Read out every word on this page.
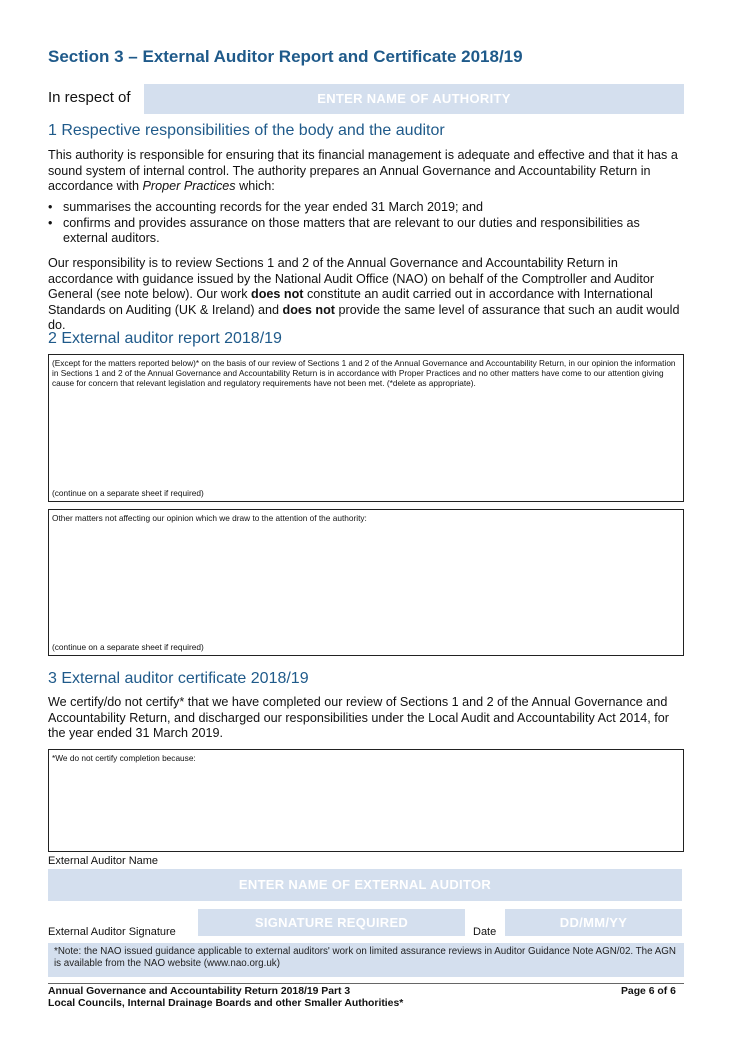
Section 3 – External Auditor Report and Certificate 2018/19
In respect of	ENTER NAME OF AUTHORITY
1 Respective responsibilities of the body and the auditor
This authority is responsible for ensuring that its financial management is adequate and effective and that it has a sound system of internal control. The authority prepares an Annual Governance and Accountability Return in accordance with Proper Practices which:
• summarises the accounting records for the year ended 31 March 2019; and
• confirms and provides assurance on those matters that are relevant to our duties and responsibilities as external auditors.
Our responsibility is to review Sections 1 and 2 of the Annual Governance and Accountability Return in accordance with guidance issued by the National Audit Office (NAO) on behalf of the Comptroller and Auditor General (see note below). Our work does not constitute an audit carried out in accordance with International Standards on Auditing (UK & Ireland) and does not provide the same level of assurance that such an audit would do.
2 External auditor report 2018/19
(Except for the matters reported below)* on the basis of our review of Sections 1 and 2 of the Annual Governance and Accountability Return, in our opinion the information in Sections 1 and 2 of the Annual Governance and Accountability Return is in accordance with Proper Practices and no other matters have come to our attention giving cause for concern that relevant legislation and regulatory requirements have not been met. (*delete as appropriate).
(continue on a separate sheet if required)
Other matters not affecting our opinion which we draw to the attention of the authority:
(continue on a separate sheet if required)
3 External auditor certificate 2018/19
We certify/do not certify* that we have completed our review of Sections 1 and 2 of the Annual Governance and Accountability Return, and discharged our responsibilities under the Local Audit and Accountability Act 2014, for the year ended 31 March 2019.
*We do not certify completion because:
External Auditor Name
ENTER NAME OF EXTERNAL AUDITOR
External Auditor Signature
SIGNATURE REQUIRED
Date
DD/MM/YY
*Note: the NAO issued guidance applicable to external auditors' work on limited assurance reviews in Auditor Guidance Note AGN/02. The AGN is available from the NAO website (www.nao.org.uk)
Annual Governance and Accountability Return 2018/19 Part 3
Local Councils, Internal Drainage Boards and other Smaller Authorities*
Page 6 of 6
